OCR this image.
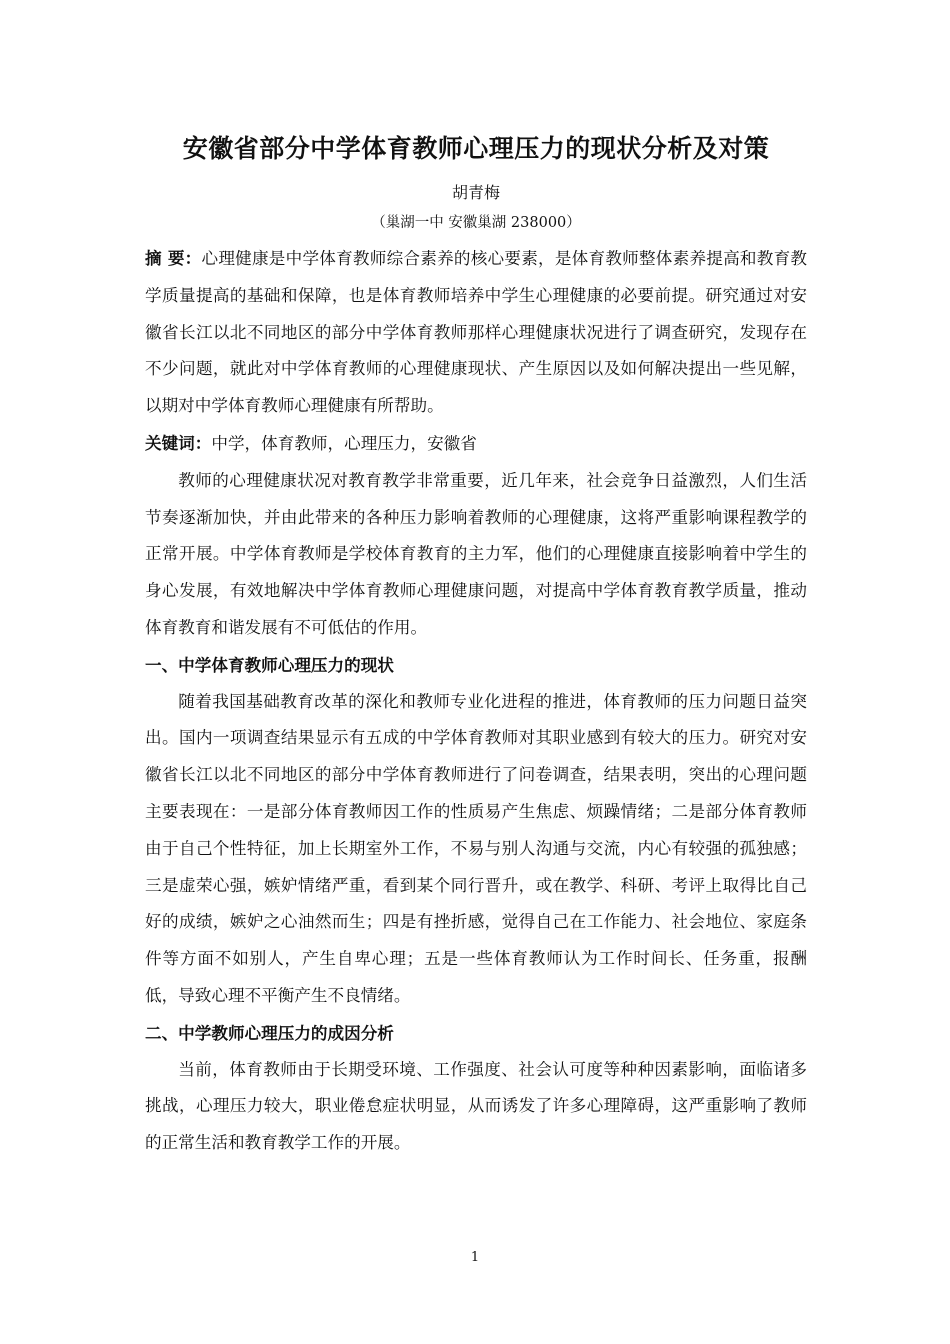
安徽省部分中学体育教师心理压力的现状分析及对策

胡青梅

（巢湖一中 安徽巢湖 238000）

摘 要：心理健康是中学体育教师综合素养的核心要素，是体育教师整体素养提高和教育教学质量提高的基础和保障，也是体育教师培养中学生心理健康的必要前提。研究通过对安徽省长江以北不同地区的部分中学体育教师那样心理健康状况进行了调查研究，发现存在不少问题，就此对中学体育教师的心理健康现状、产生原因以及如何解决提出一些见解，以期对中学体育教师心理健康有所帮助。

关键词：中学，体育教师，心理压力，安徽省

教师的心理健康状况对教育教学非常重要，近几年来，社会竞争日益激烈，人们生活节奏逐渐加快，并由此带来的各种压力影响着教师的心理健康，这将严重影响课程教学的正常开展。中学体育教师是学校体育教育的主力军，他们的心理健康直接影响着中学生的身心发展，有效地解决中学体育教师心理健康问题，对提高中学体育教育教学质量，推动体育教育和谐发展有不可低估的作用。

一、中学体育教师心理压力的现状

随着我国基础教育改革的深化和教师专业化进程的推进，体育教师的压力问题日益突出。国内一项调查结果显示有五成的中学体育教师对其职业感到有较大的压力。研究对安徽省长江以北不同地区的部分中学体育教师进行了问卷调查，结果表明，突出的心理问题主要表现在：一是部分体育教师因工作的性质易产生焦虑、烦躁情绪；二是部分体育教师由于自己个性特征，加上长期室外工作，不易与别人沟通与交流，内心有较强的孤独感；三是虚荣心强，嫉妒情绪严重，看到某个同行晋升，或在教学、科研、考评上取得比自己好的成绩，嫉妒之心油然而生；四是有挫折感，觉得自己在工作能力、社会地位、家庭条件等方面不如别人，产生自卑心理；五是一些体育教师认为工作时间长、任务重，报酬低，导致心理不平衡产生不良情绪。

二、中学教师心理压力的成因分析

当前，体育教师由于长期受环境、工作强度、社会认可度等种种因素影响，面临诸多挑战，心理压力较大，职业倦怠症状明显，从而诱发了许多心理障碍，这严重影响了教师的正常生活和教育教学工作的开展。

1
